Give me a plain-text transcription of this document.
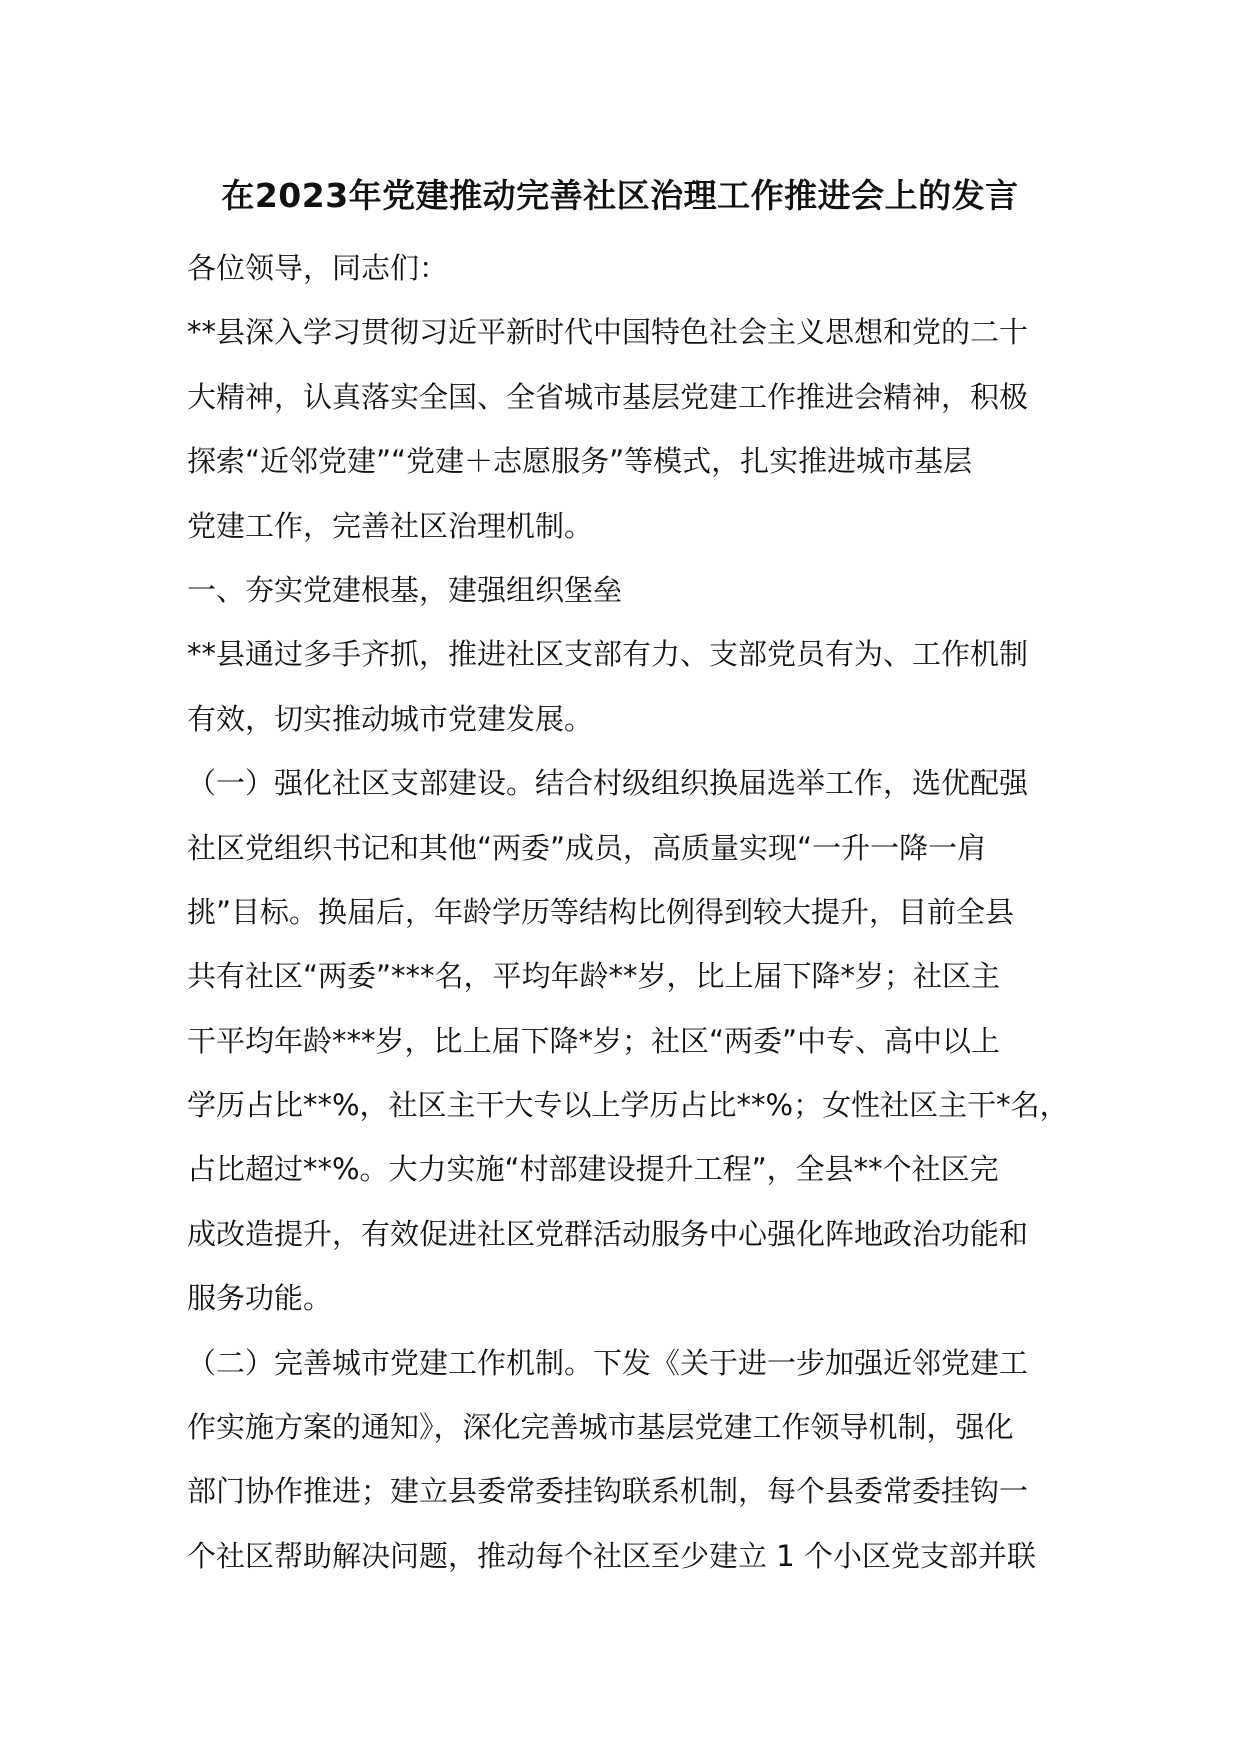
在2023年党建推动完善社区治理工作推进会上的发言
各位领导，同志们：
**县深入学习贯彻习近平新时代中国特色社会主义思想和党的二十
大精神，认真落实全国、全省城市基层党建工作推进会精神，积极
探索“近邻党建”“党建＋志愿服务”等模式，扎实推进城市基层
党建工作，完善社区治理机制。
一、夯实党建根基，建强组织堡垒
**县通过多手齐抓，推进社区支部有力、支部党员有为、工作机制
有效，切实推动城市党建发展。
（一）强化社区支部建设。结合村级组织换届选举工作，选优配强
社区党组织书记和其他“两委”成员，高质量实现“一升一降一肩
挑”目标。换届后，年龄学历等结构比例得到较大提升，目前全县
共有社区“两委”***名，平均年龄**岁，比上届下降*岁；社区主
干平均年龄***岁，比上届下降*岁；社区“两委”中专、高中以上
学历占比**%，社区主干大专以上学历占比**%；女性社区主干*名，
占比超过**%。大力实施“村部建设提升工程”，全县**个社区完
成改造提升，有效促进社区党群活动服务中心强化阵地政治功能和
服务功能。
（二）完善城市党建工作机制。下发《关于进一步加强近邻党建工
作实施方案的通知》，深化完善城市基层党建工作领导机制，强化
部门协作推进；建立县委常委挂钩联系机制，每个县委常委挂钩一
个社区帮助解决问题，推动每个社区至少建立 1 个小区党支部并联
